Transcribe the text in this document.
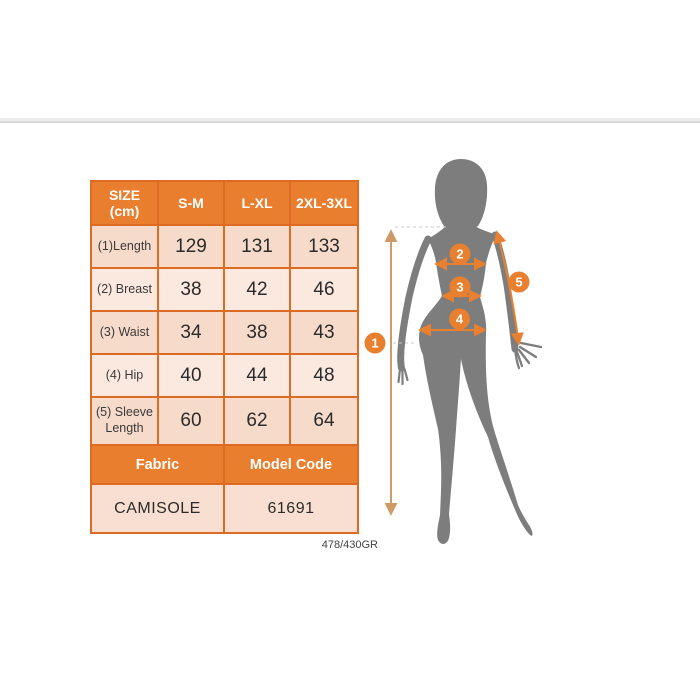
SIZE
(cm)	S-M	L-XL	2XL-3XL
(1)Length	129	131	133
(2) Breast	38	42	46
(3) Waist	34	38	43
(4) Hip	40	44	48
(5) Sleeve Length	60	62	64
Fabric		Model Code	
CAMISOLE		61691	
478/430GR
1
2
3
4
5
